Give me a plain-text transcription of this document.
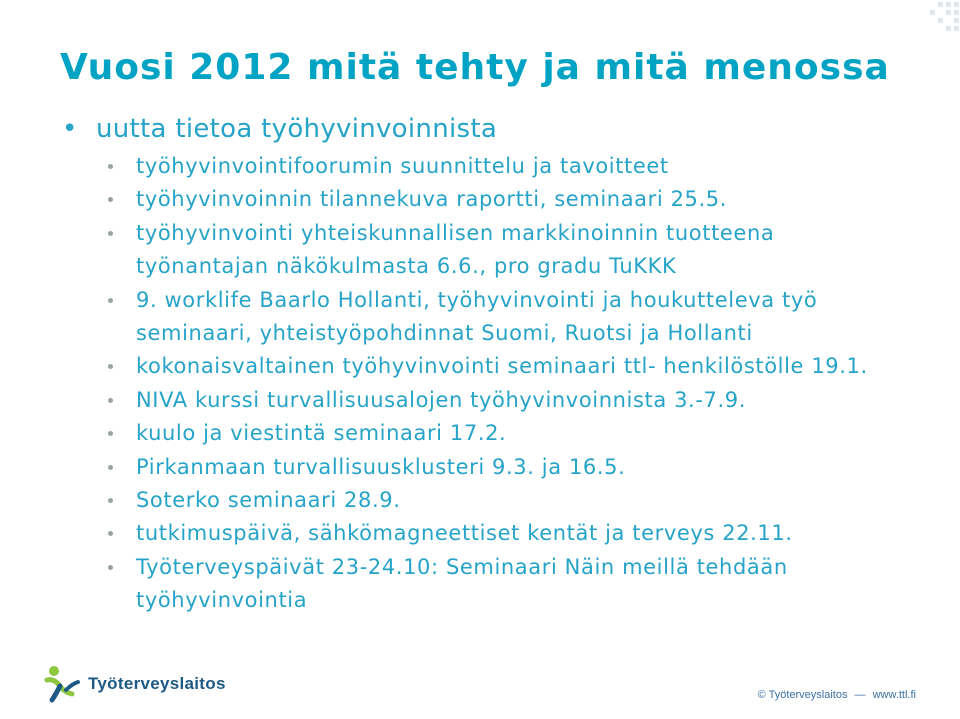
Vuosi 2012 mitä tehty ja mitä menossa
• uutta tietoa työhyvinvoinnista
työhyvinvointifoorumin suunnittelu ja tavoitteet
työhyvinvoinnin tilannekuva raportti, seminaari 25.5.
työhyvinvointi yhteiskunnallisen markkinoinnin tuotteena työnantajan näkökulmasta 6.6., pro gradu TuKKK
9. worklife Baarlo Hollanti, työhyvinvointi ja houkutteleva työ seminaari, yhteistyöpohdinnat Suomi, Ruotsi ja Hollanti
kokonaisvaltainen työhyvinvointi seminaari ttl- henkilöstölle 19.1.
NIVA kurssi turvallisuusalojen työhyvinvoinnista 3.-7.9.
kuulo ja viestintä seminaari 17.2.
Pirkanmaan turvallisuusklusteri 9.3. ja 16.5.
Soterko seminaari 28.9.
tutkimuspäivä, sähkömagneettiset kentät ja terveys 22.11.
Työterveyspäivät 23-24.10: Seminaari Näin meillä tehdään työhyvinvointia
Työterveyslaitos
© Työterveyslaitos — www.ttl.fi
